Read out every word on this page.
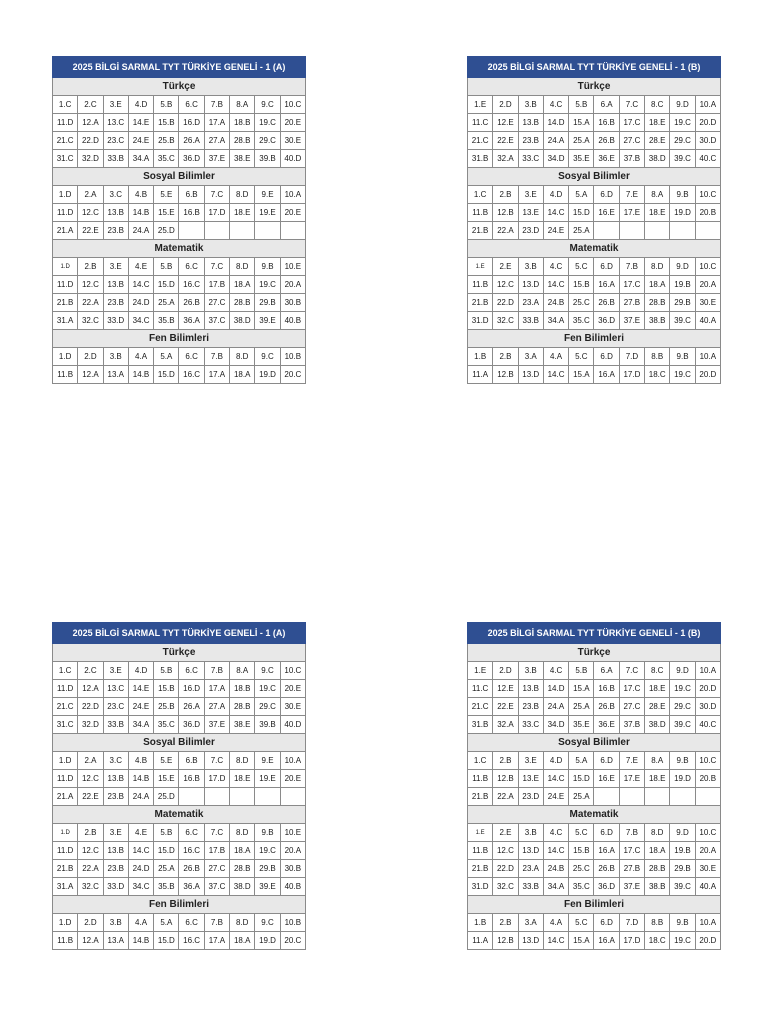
2025 BİLGİ SARMAL TYT TÜRKİYE GENELİ - 1 (A)									
Türkçe									
1.C	2.C	3.E	4.D	5.B	6.C	7.B	8.A	9.C	10.C
11.D	12.A	13.C	14.E	15.B	16.D	17.A	18.B	19.C	20.E
21.C	22.D	23.C	24.E	25.B	26.A	27.A	28.B	29.C	30.E
31.C	32.D	33.B	34.A	35.C	36.D	37.E	38.E	39.B	40.D
Sosyal Bilimler									
1.D	2.A	3.C	4.B	5.E	6.B	7.C	8.D	9.E	10.A
11.D	12.C	13.B	14.B	15.E	16.B	17.D	18.E	19.E	20.E
21.A	22.E	23.B	24.A	25.D					
Matematik									
1.D	2.B	3.E	4.E	5.B	6.C	7.C	8.D	9.B	10.E
11.D	12.C	13.B	14.C	15.D	16.C	17.B	18.A	19.C	20.A
21.B	22.A	23.B	24.D	25.A	26.B	27.C	28.B	29.B	30.B
31.A	32.C	33.D	34.C	35.B	36.A	37.C	38.D	39.E	40.B
Fen Bilimleri									
1.D	2.D	3.B	4.A	5.A	6.C	7.B	8.D	9.C	10.B
11.B	12.A	13.A	14.B	15.D	16.C	17.A	18.A	19.D	20.C
2025 BİLGİ SARMAL TYT TÜRKİYE GENELİ - 1 (B)									
Türkçe									
1.E	2.D	3.B	4.C	5.B	6.A	7.C	8.C	9.D	10.A
11.C	12.E	13.B	14.D	15.A	16.B	17.C	18.E	19.C	20.D
21.C	22.E	23.B	24.A	25.A	26.B	27.C	28.E	29.C	30.D
31.B	32.A	33.C	34.D	35.E	36.E	37.B	38.D	39.C	40.C
Sosyal Bilimler									
1.C	2.B	3.E	4.D	5.A	6.D	7.E	8.A	9.B	10.C
11.B	12.B	13.E	14.C	15.D	16.E	17.E	18.E	19.D	20.B
21.B	22.A	23.D	24.E	25.A					
Matematik									
1.E	2.E	3.B	4.C	5.C	6.D	7.B	8.D	9.D	10.C
11.B	12.C	13.D	14.C	15.B	16.A	17.C	18.A	19.B	20.A
21.B	22.D	23.A	24.B	25.C	26.B	27.B	28.B	29.B	30.E
31.D	32.C	33.B	34.A	35.C	36.D	37.E	38.B	39.C	40.A
Fen Bilimleri									
1.B	2.B	3.A	4.A	5.C	6.D	7.D	8.B	9.B	10.A
11.A	12.B	13.D	14.C	15.A	16.A	17.D	18.C	19.C	20.D
2025 BİLGİ SARMAL TYT TÜRKİYE GENELİ - 1 (A)									
Türkçe									
1.C	2.C	3.E	4.D	5.B	6.C	7.B	8.A	9.C	10.C
11.D	12.A	13.C	14.E	15.B	16.D	17.A	18.B	19.C	20.E
21.C	22.D	23.C	24.E	25.B	26.A	27.A	28.B	29.C	30.E
31.C	32.D	33.B	34.A	35.C	36.D	37.E	38.E	39.B	40.D
Sosyal Bilimler									
1.D	2.A	3.C	4.B	5.E	6.B	7.C	8.D	9.E	10.A
11.D	12.C	13.B	14.B	15.E	16.B	17.D	18.E	19.E	20.E
21.A	22.E	23.B	24.A	25.D					
Matematik									
1.D	2.B	3.E	4.E	5.B	6.C	7.C	8.D	9.B	10.E
11.D	12.C	13.B	14.C	15.D	16.C	17.B	18.A	19.C	20.A
21.B	22.A	23.B	24.D	25.A	26.B	27.C	28.B	29.B	30.B
31.A	32.C	33.D	34.C	35.B	36.A	37.C	38.D	39.E	40.B
Fen Bilimleri									
1.D	2.D	3.B	4.A	5.A	6.C	7.B	8.D	9.C	10.B
11.B	12.A	13.A	14.B	15.D	16.C	17.A	18.A	19.D	20.C
2025 BİLGİ SARMAL TYT TÜRKİYE GENELİ - 1 (B)									
Türkçe									
1.E	2.D	3.B	4.C	5.B	6.A	7.C	8.C	9.D	10.A
11.C	12.E	13.B	14.D	15.A	16.B	17.C	18.E	19.C	20.D
21.C	22.E	23.B	24.A	25.A	26.B	27.C	28.E	29.C	30.D
31.B	32.A	33.C	34.D	35.E	36.E	37.B	38.D	39.C	40.C
Sosyal Bilimler									
1.C	2.B	3.E	4.D	5.A	6.D	7.E	8.A	9.B	10.C
11.B	12.B	13.E	14.C	15.D	16.E	17.E	18.E	19.D	20.B
21.B	22.A	23.D	24.E	25.A					
Matematik									
1.E	2.E	3.B	4.C	5.C	6.D	7.B	8.D	9.D	10.C
11.B	12.C	13.D	14.C	15.B	16.A	17.C	18.A	19.B	20.A
21.B	22.D	23.A	24.B	25.C	26.B	27.B	28.B	29.B	30.E
31.D	32.C	33.B	34.A	35.C	36.D	37.E	38.B	39.C	40.A
Fen Bilimleri									
1.B	2.B	3.A	4.A	5.C	6.D	7.D	8.B	9.B	10.A
11.A	12.B	13.D	14.C	15.A	16.A	17.D	18.C	19.C	20.D
